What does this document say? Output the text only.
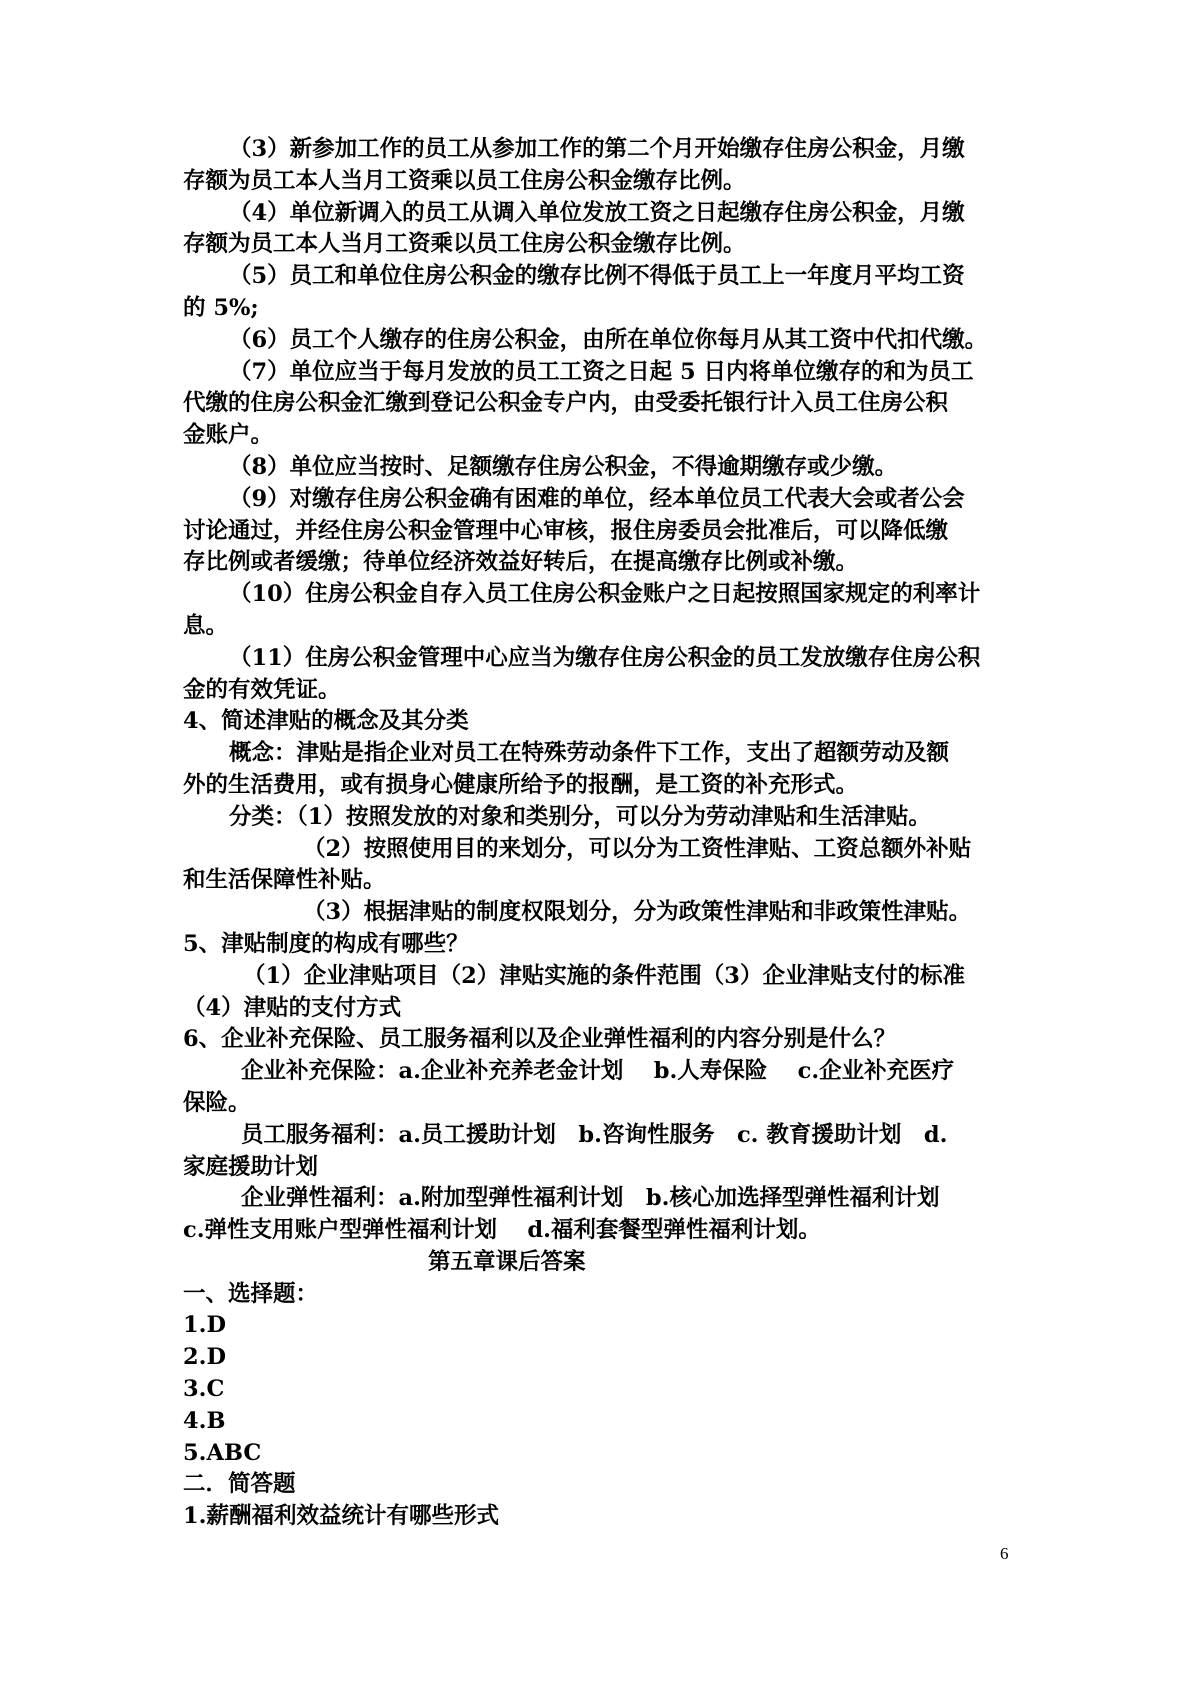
（3）新参加工作的员工从参加工作的第二个月开始缴存住房公积金，月缴
存额为员工本人当月工资乘以员工住房公积金缴存比例。
（4）单位新调入的员工从调入单位发放工资之日起缴存住房公积金，月缴
存额为员工本人当月工资乘以员工住房公积金缴存比例。
（5）员工和单位住房公积金的缴存比例不得低于员工上一年度月平均工资
的 5%;
（6）员工个人缴存的住房公积金，由所在单位你每月从其工资中代扣代缴。
（7）单位应当于每月发放的员工工资之日起 5 日内将单位缴存的和为员工
代缴的住房公积金汇缴到登记公积金专户内，由受委托银行计入员工住房公积
金账户。
（8）单位应当按时、足额缴存住房公积金，不得逾期缴存或少缴。
（9）对缴存住房公积金确有困难的单位，经本单位员工代表大会或者公会
讨论通过，并经住房公积金管理中心审核，报住房委员会批准后，可以降低缴
存比例或者缓缴；待单位经济效益好转后，在提高缴存比例或补缴。
（10）住房公积金自存入员工住房公积金账户之日起按照国家规定的利率计
息。
（11）住房公积金管理中心应当为缴存住房公积金的员工发放缴存住房公积
金的有效凭证。
4、简述津贴的概念及其分类
概念：津贴是指企业对员工在特殊劳动条件下工作，支出了超额劳动及额
外的生活费用，或有损身心健康所给予的报酬，是工资的补充形式。
分类：（1）按照发放的对象和类别分，可以分为劳动津贴和生活津贴。
（2）按照使用目的来划分，可以分为工资性津贴、工资总额外补贴
和生活保障性补贴。
（3）根据津贴的制度权限划分，分为政策性津贴和非政策性津贴。
5、津贴制度的构成有哪些？
（1）企业津贴项目（2）津贴实施的条件范围（3）企业津贴支付的标准
（4）津贴的支付方式
6、企业补充保险、员工服务福利以及企业弹性福利的内容分别是什么？
企业补充保险：a.企业补充养老金计划　 b.人寿保险　 c.企业补充医疗
保险。
员工服务福利：a.员工援助计划　b.咨询性服务　c. 教育援助计划　d.
家庭援助计划
企业弹性福利：a.附加型弹性福利计划　b.核心加选择型弹性福利计划
c.弹性支用账户型弹性福利计划　 d.福利套餐型弹性福利计划。
第五章课后答案
一、选择题：
1.D
2.D
3.C
4.B
5.ABC
二．简答题
1.薪酬福利效益统计有哪些形式
6
